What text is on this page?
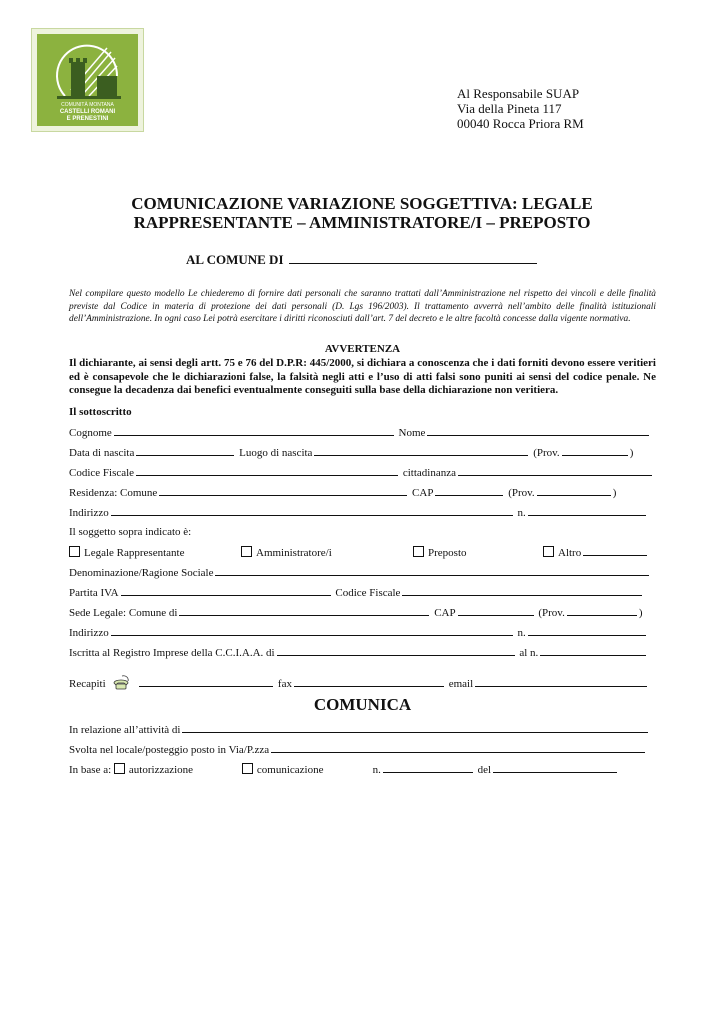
COMUNITÀ MONTANA
CASTELLI ROMANI
E PRENESTINI
Al Responsabile SUAP
Via della Pineta 117
00040 Rocca Priora RM
COMUNICAZIONE VARIAZIONE SOGGETTIVA: LEGALE
RAPPRESENTANTE – AMMINISTRATORE/I – PREPOSTO
AL COMUNE DI
Nel compilare questo modello Le chiederemo di fornire dati personali che saranno trattati dall’Amministrazione nel rispetto dei vincoli e delle finalità previste dal Codice in materia di protezione dei dati personali (D. Lgs 196/2003). Il trattamento avverrà nell’ambito delle finalità istituzionali dell’Amministrazione. In ogni caso Lei potrà esercitare i diritti riconosciuti dall’art. 7 del decreto e le altre facoltà concesse dalla vigente normativa.
AVVERTENZA
Il dichiarante, ai sensi degli artt. 75 e 76 del D.P.R: 445/2000, si dichiara a conoscenza che i dati forniti devono essere veritieri ed è consapevole che le dichiarazioni false, la falsità negli atti e l’uso di atti falsi sono puniti ai sensi del codice penale. Ne consegue la decadenza dai benefici eventualmente conseguiti sulla base della dichiarazione non veritiera.
Il sottoscritto
Cognome	Nome
Data di nascita	Luogo di nascita	(Prov.	)
Codice Fiscale	cittadinanza
Residenza: Comune	CAP	(Prov.	)
Indirizzo	n.
Il soggetto sopra indicato è:
Legale Rappresentante	Amministratore/i	Preposto	Altro
Denominazione/Ragione Sociale
Partita IVA	Codice Fiscale
Sede Legale: Comune di	CAP	(Prov.	)
Indirizzo	n.
Iscritta al Registro Imprese della C.C.I.A.A. di	al n.
Recapiti	fax	email
COMUNICA
In relazione all’attività di
Svolta nel locale/posteggio posto in Via/P.zza
In base a: autorizzazione	comunicazione	n.	del
